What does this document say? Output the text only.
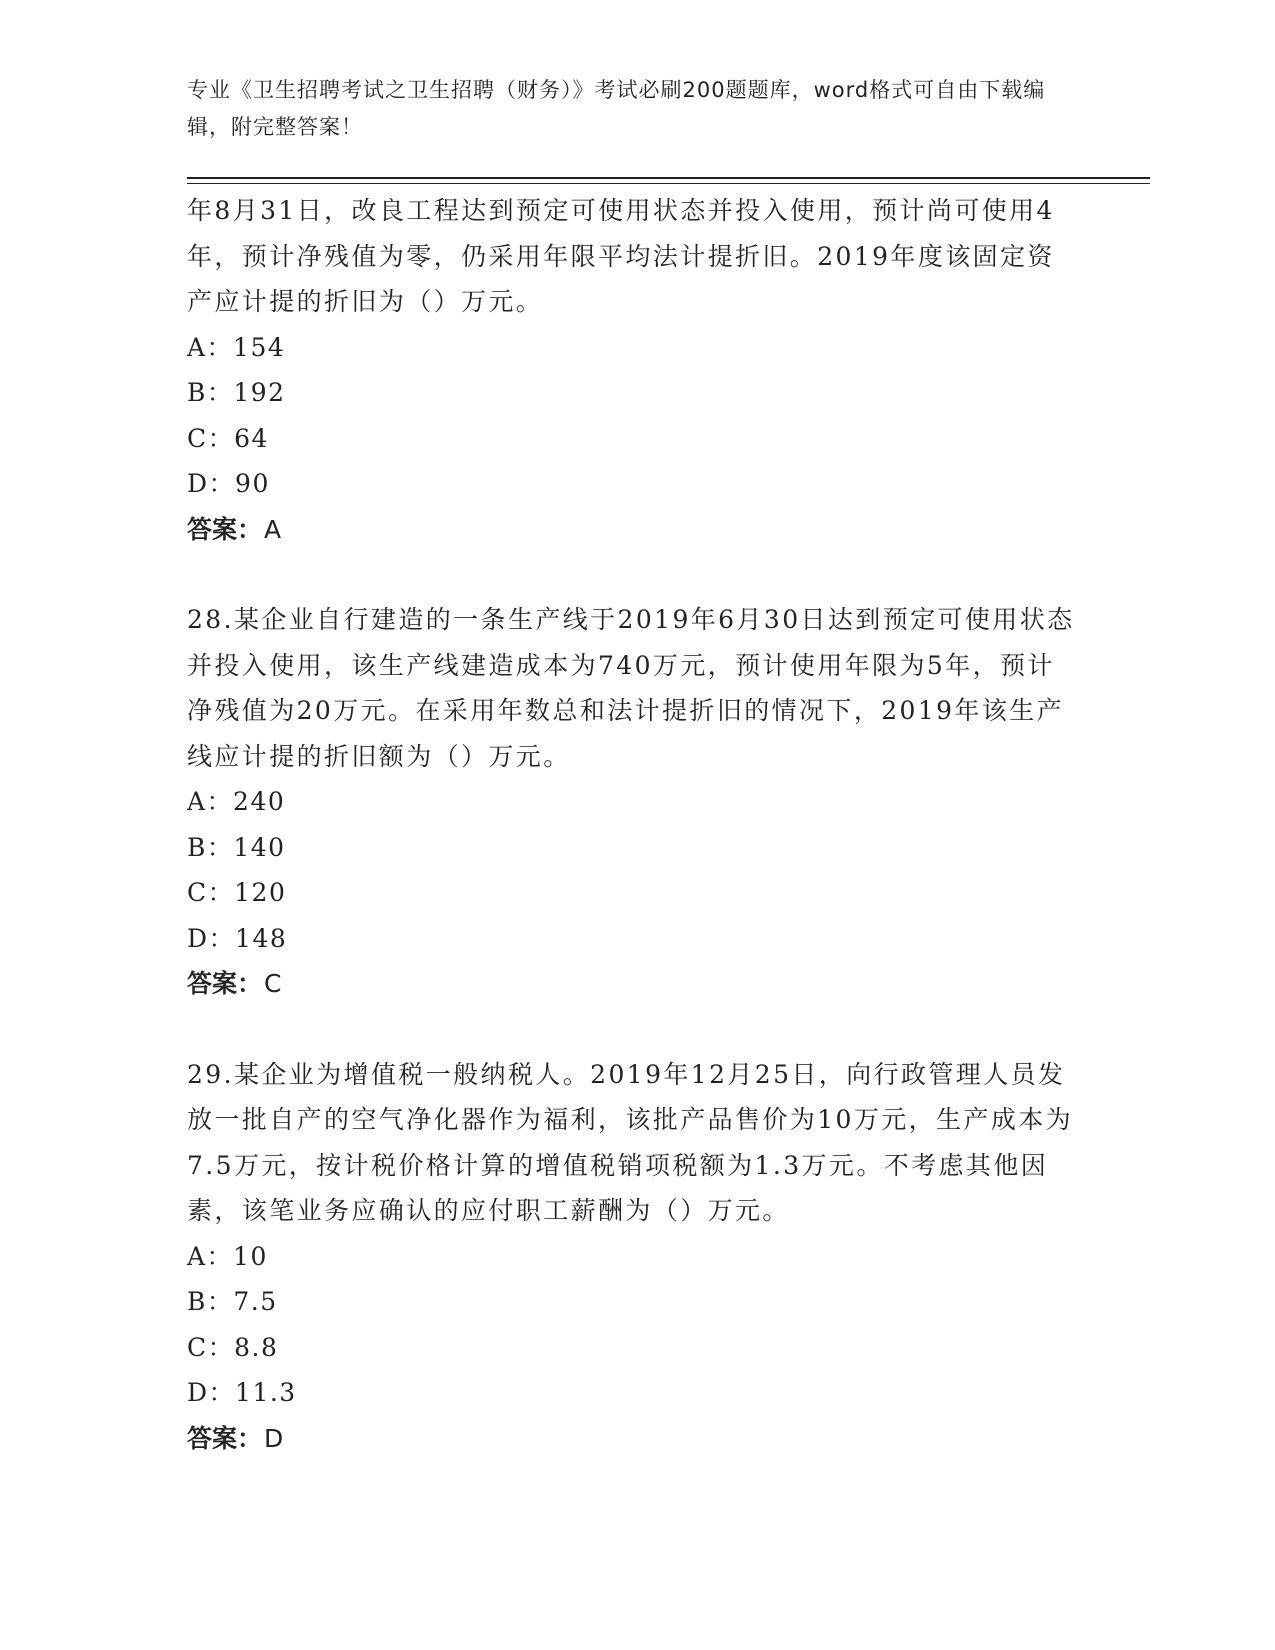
专业《卫生招聘考试之卫生招聘（财务）》考试必刷200题题库，word格式可自由下载编辑，附完整答案！
年8月31日，改良工程达到预定可使用状态并投入使用，预计尚可使用4年，预计净残值为零，仍采用年限平均法计提折旧。2019年度该固定资产应计提的折旧为（）万元。
A：154
B：192
C：64
D：90
答案：A
28.某企业自行建造的一条生产线于2019年6月30日达到预定可使用状态并投入使用，该生产线建造成本为740万元，预计使用年限为5年，预计净残值为20万元。在采用年数总和法计提折旧的情况下，2019年该生产线应计提的折旧额为（）万元。
A：240
B：140
C：120
D：148
答案：C
29.某企业为增值税一般纳税人。2019年12月25日，向行政管理人员发放一批自产的空气净化器作为福利，该批产品售价为10万元，生产成本为7.5万元，按计税价格计算的增值税销项税额为1.3万元。不考虑其他因素，该笔业务应确认的应付职工薪酬为（）万元。
A：10
B：7.5
C：8.8
D：11.3
答案：D
